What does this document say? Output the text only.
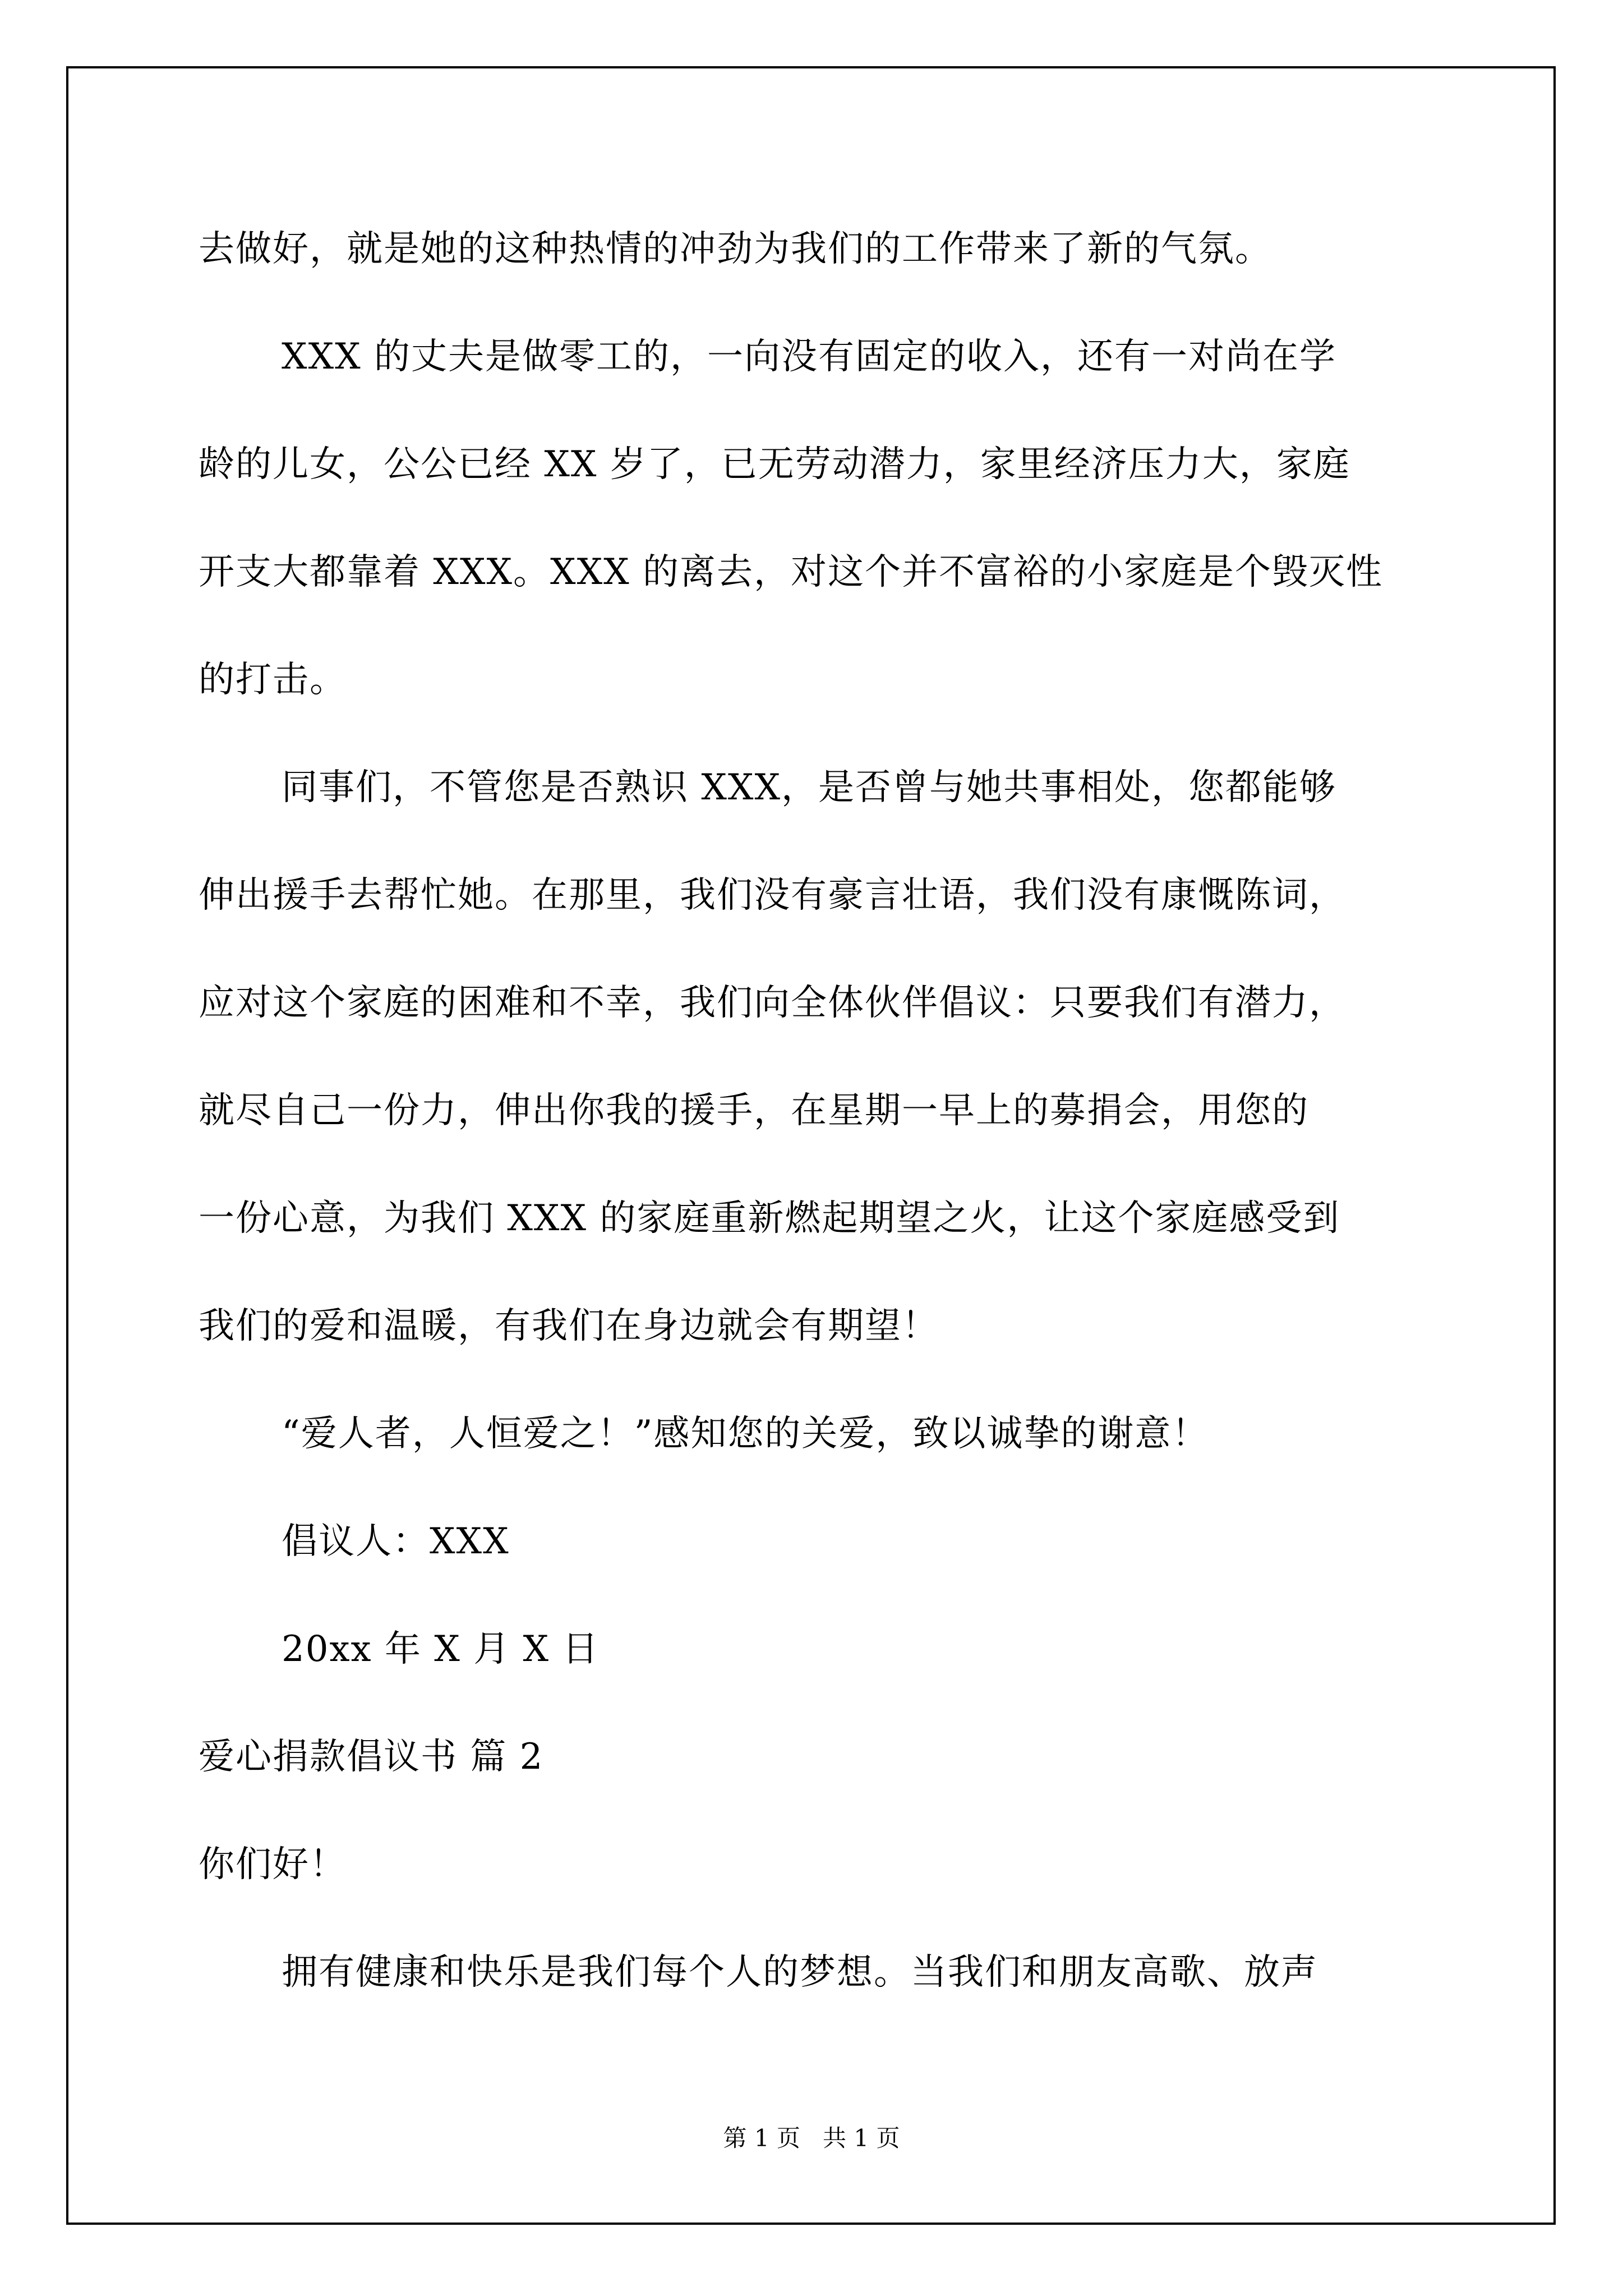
去做好，就是她的这种热情的冲劲为我们的工作带来了新的气氛。
XXX 的丈夫是做零工的，一向没有固定的收入，还有一对尚在学
龄的儿女，公公已经 XX 岁了，已无劳动潜力，家里经济压力大，家庭
开支大都靠着 XXX。XXX 的离去，对这个并不富裕的小家庭是个毁灭性
的打击。
同事们，不管您是否熟识 XXX，是否曾与她共事相处，您都能够
伸出援手去帮忙她。在那里，我们没有豪言壮语，我们没有康慨陈词，
应对这个家庭的困难和不幸，我们向全体伙伴倡议：只要我们有潜力，
就尽自己一份力，伸出你我的援手，在星期一早上的募捐会，用您的
一份心意，为我们 XXX 的家庭重新燃起期望之火，让这个家庭感受到
我们的爱和温暖，有我们在身边就会有期望！
“爱人者，人恒爱之！”感知您的关爱，致以诚挚的谢意！
倡议人：XXX
20xx 年 X 月 X 日
爱心捐款倡议书 篇 2
你们好！
拥有健康和快乐是我们每个人的梦想。当我们和朋友高歌、放声
第 1 页   共 1 页
